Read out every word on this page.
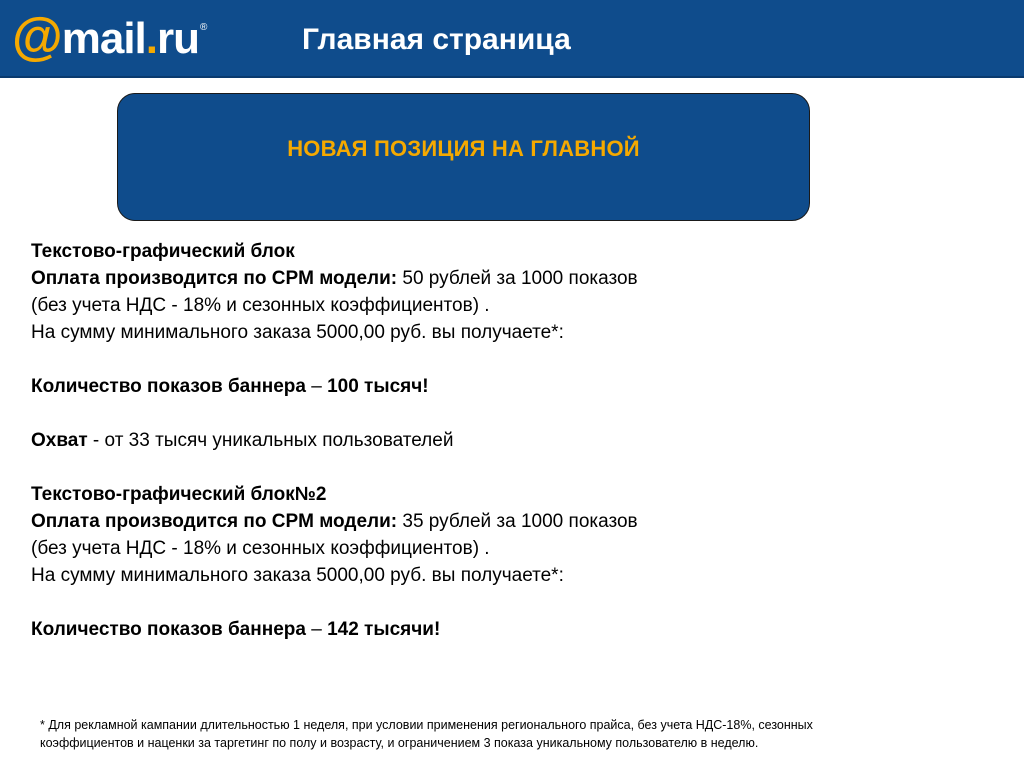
@ mail . ru ®	Главная страница
НОВАЯ ПОЗИЦИЯ НА ГЛАВНОЙ
Текстово-графический блок
Оплата производится по CPM модели: 50 рублей за 1000 показов
(без учета НДС - 18% и сезонных коэффициентов) .
На сумму минимального заказа 5000,00 руб. вы получаете*:
Количество показов баннера – 100 тысяч!
Охват - от 33 тысяч уникальных пользователей
Текстово-графический блок№2
Оплата производится по CPM модели: 35 рублей за 1000 показов
(без учета НДС - 18% и сезонных коэффициентов) .
На сумму минимального заказа 5000,00 руб. вы получаете*:
Количество показов баннера – 142 тысячи!
* Для рекламной кампании длительностью 1 неделя, при условии применения регионального прайса, без учета НДС-18%, сезонных
коэффициентов и наценки за таргетинг по полу и возрасту, и ограничением 3 показа уникальному пользователю в неделю.
